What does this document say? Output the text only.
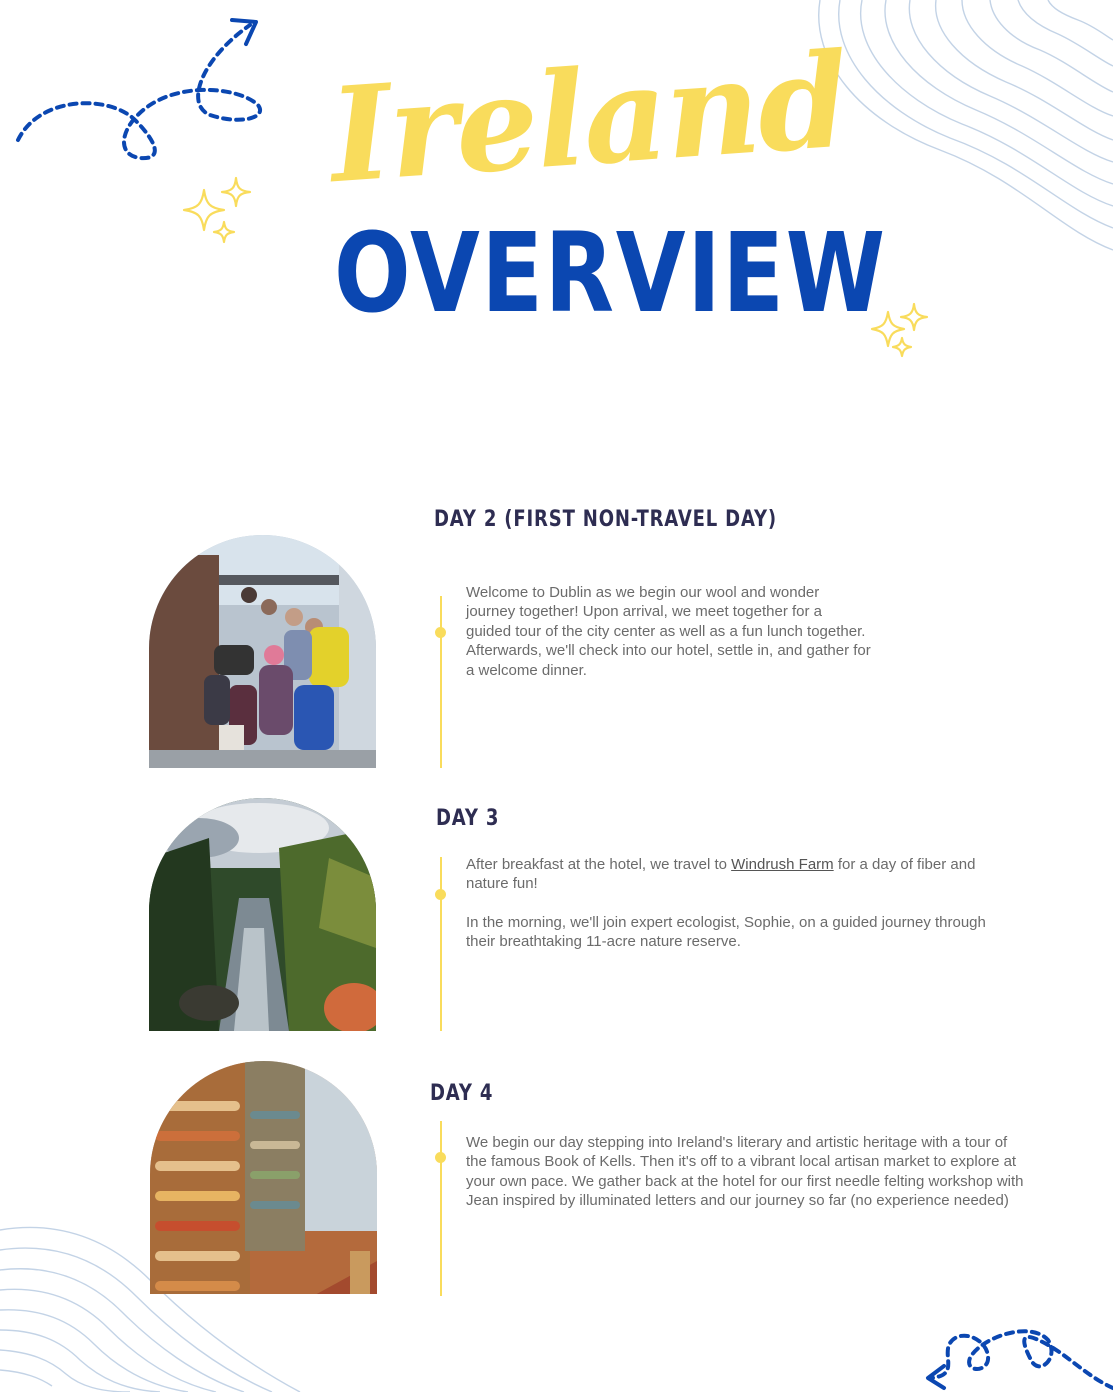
Ireland
OVERVIEW
DAY 2 (FIRST NON-TRAVEL DAY)

Welcome to Dublin as we begin our wool and wonder journey together! Upon arrival, we meet together for a guided tour of the city center as well as a fun lunch together. Afterwards, we'll check into our hotel, settle in, and gather for a welcome dinner.

DAY 3

After breakfast at the hotel, we travel to Windrush Farm for a day of fiber and nature fun!

In the morning, we'll join expert ecologist, Sophie, on a guided journey through their breathtaking 11-acre nature reserve.

DAY 4

We begin our day stepping into Ireland's literary and artistic heritage with a tour of the famous Book of Kells. Then it's off to a vibrant local artisan market to explore at your own pace. We gather back at the hotel for our first needle felting workshop with Jean inspired by illuminated letters and our journey so far (no experience needed)
